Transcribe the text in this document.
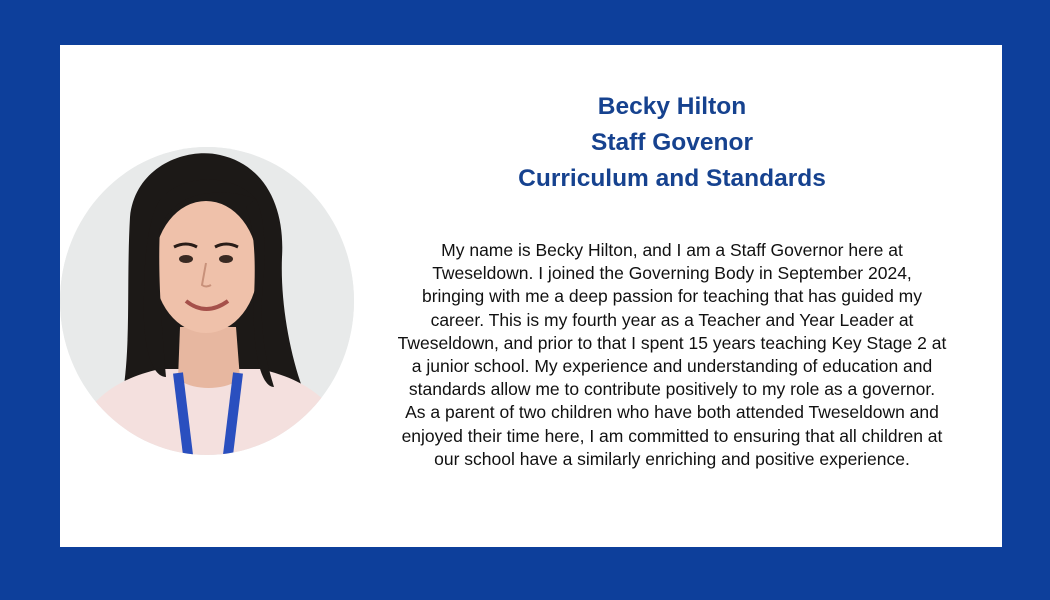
Becky Hilton
Staff Govenor
Curriculum and Standards

My name is Becky Hilton, and I am a Staff Governor here at
Tweseldown. I joined the Governing Body in September 2024,
bringing with me a deep passion for teaching that has guided my
career. This is my fourth year as a Teacher and Year Leader at
Tweseldown, and prior to that I spent 15 years teaching Key Stage 2 at
a junior school. My experience and understanding of education and
standards allow me to contribute positively to my role as a governor.
As a parent of two children who have both attended Tweseldown and
enjoyed their time here, I am committed to ensuring that all children at
our school have a similarly enriching and positive experience.
